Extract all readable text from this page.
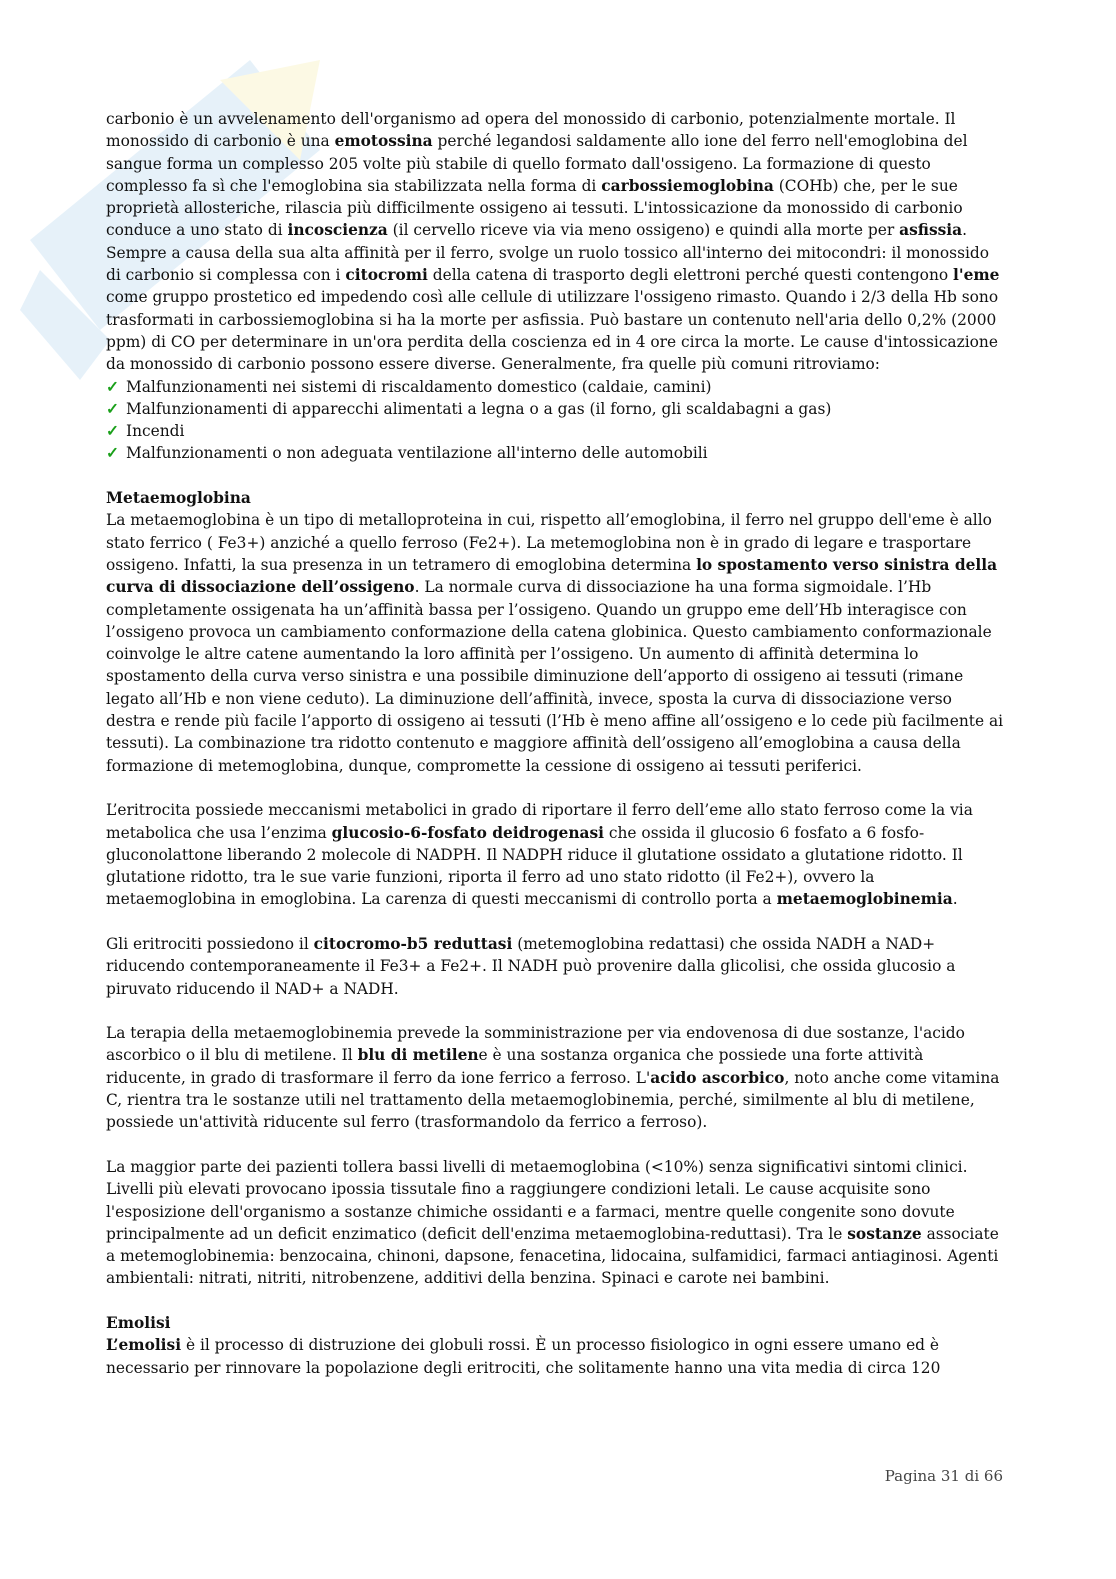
carbonio è un avvelenamento dell'organismo ad opera del monossido di carbonio, potenzialmente mortale. Il monossido di carbonio è una emotossina perché legandosi saldamente allo ione del ferro nell'emoglobina del sangue forma un complesso 205 volte più stabile di quello formato dall'ossigeno. La formazione di questo complesso fa sì che l'emoglobina sia stabilizzata nella forma di carbossiemoglobina (COHb) che, per le sue proprietà allosteriche, rilascia più difficilmente ossigeno ai tessuti. L'intossicazione da monossido di carbonio conduce a uno stato di incoscienza (il cervello riceve via via meno ossigeno) e quindi alla morte per asfissia. Sempre a causa della sua alta affinità per il ferro, svolge un ruolo tossico all'interno dei mitocondri: il monossido di carbonio si complessa con i citocromi della catena di trasporto degli elettroni perché questi contengono l'eme come gruppo prostetico ed impedendo così alle cellule di utilizzare l'ossigeno rimasto. Quando i 2/3 della Hb sono trasformati in carbossiemoglobina si ha la morte per asfissia. Può bastare un contenuto nell'aria dello 0,2% (2000 ppm) di CO per determinare in un'ora perdita della coscienza ed in 4 ore circa la morte. Le cause d'intossicazione da monossido di carbonio possono essere diverse. Generalmente, fra quelle più comuni ritroviamo:

✓ Malfunzionamenti nei sistemi di riscaldamento domestico (caldaie, camini)
✓ Malfunzionamenti di apparecchi alimentati a legna o a gas (il forno, gli scaldabagni a gas)
✓ Incendi
✓ Malfunzionamenti o non adeguata ventilazione all'interno delle automobili

Metaemoglobina

La metaemoglobina è un tipo di metalloproteina in cui, rispetto all’emoglobina, il ferro nel gruppo dell'eme è allo stato ferrico ( Fe3+) anziché a quello ferroso (Fe2+). La metemoglobina non è in grado di legare e trasportare ossigeno. Infatti, la sua presenza in un tetramero di emoglobina determina lo spostamento verso sinistra della curva di dissociazione dell’ossigeno. La normale curva di dissociazione ha una forma sigmoidale. l’Hb completamente ossigenata ha un’affinità bassa per l’ossigeno. Quando un gruppo eme dell’Hb interagisce con l’ossigeno provoca un cambiamento conformazione della catena globinica. Questo cambiamento conformazionale coinvolge le altre catene aumentando la loro affinità per l’ossigeno. Un aumento di affinità determina lo spostamento della curva verso sinistra e una possibile diminuzione dell’apporto di ossigeno ai tessuti (rimane legato all’Hb e non viene ceduto). La diminuzione dell’affinità, invece, sposta la curva di dissociazione verso destra e rende più facile l’apporto di ossigeno ai tessuti (l’Hb è meno affine all’ossigeno e lo cede più facilmente ai tessuti). La combinazione tra ridotto contenuto e maggiore affinità dell’ossigeno all’emoglobina a causa della formazione di metemoglobina, dunque, compromette la cessione di ossigeno ai tessuti periferici.

L’eritrocita possiede meccanismi metabolici in grado di riportare il ferro dell’eme allo stato ferroso come la via metabolica che usa l’enzima glucosio-6-fosfato deidrogenasi che ossida il glucosio 6 fosfato a 6 fosfo-gluconolattone liberando 2 molecole di NADPH. Il NADPH riduce il glutatione ossidato a glutatione ridotto. Il glutatione ridotto, tra le sue varie funzioni, riporta il ferro ad uno stato ridotto (il Fe2+), ovvero la metaemoglobina in emoglobina. La carenza di questi meccanismi di controllo porta a metaemoglobinemia.

Gli eritrociti possiedono il citocromo-b5 reduttasi (metemoglobina redattasi) che ossida NADH a NAD+ riducendo contemporaneamente il Fe3+ a Fe2+. Il NADH può provenire dalla glicolisi, che ossida glucosio a piruvato riducendo il NAD+ a NADH.

La terapia della metaemoglobinemia prevede la somministrazione per via endovenosa di due sostanze, l'acido ascorbico o il blu di metilene. Il blu di metilene è una sostanza organica che possiede una forte attività riducente, in grado di trasformare il ferro da ione ferrico a ferroso. L'acido ascorbico, noto anche come vitamina C, rientra tra le sostanze utili nel trattamento della metaemoglobinemia, perché, similmente al blu di metilene, possiede un'attività riducente sul ferro (trasformandolo da ferrico a ferroso).

La maggior parte dei pazienti tollera bassi livelli di metaemoglobina (<10%) senza significativi sintomi clinici. Livelli più elevati provocano ipossia tissutale fino a raggiungere condizioni letali. Le cause acquisite sono l'esposizione dell'organismo a sostanze chimiche ossidanti e a farmaci, mentre quelle congenite sono dovute principalmente ad un deficit enzimatico (deficit dell'enzima metaemoglobina-reduttasi). Tra le sostanze associate a metemoglobinemia: benzocaina, chinoni, dapsone, fenacetina, lidocaina, sulfamidici, farmaci antiaginosi. Agenti ambientali: nitrati, nitriti, nitrobenzene, additivi della benzina. Spinaci e carote nei bambini.

Emolisi

L’emolisi è il processo di distruzione dei globuli rossi. È un processo fisiologico in ogni essere umano ed è necessario per rinnovare la popolazione degli eritrociti, che solitamente hanno una vita media di circa 120

Pagina 31 di 66
